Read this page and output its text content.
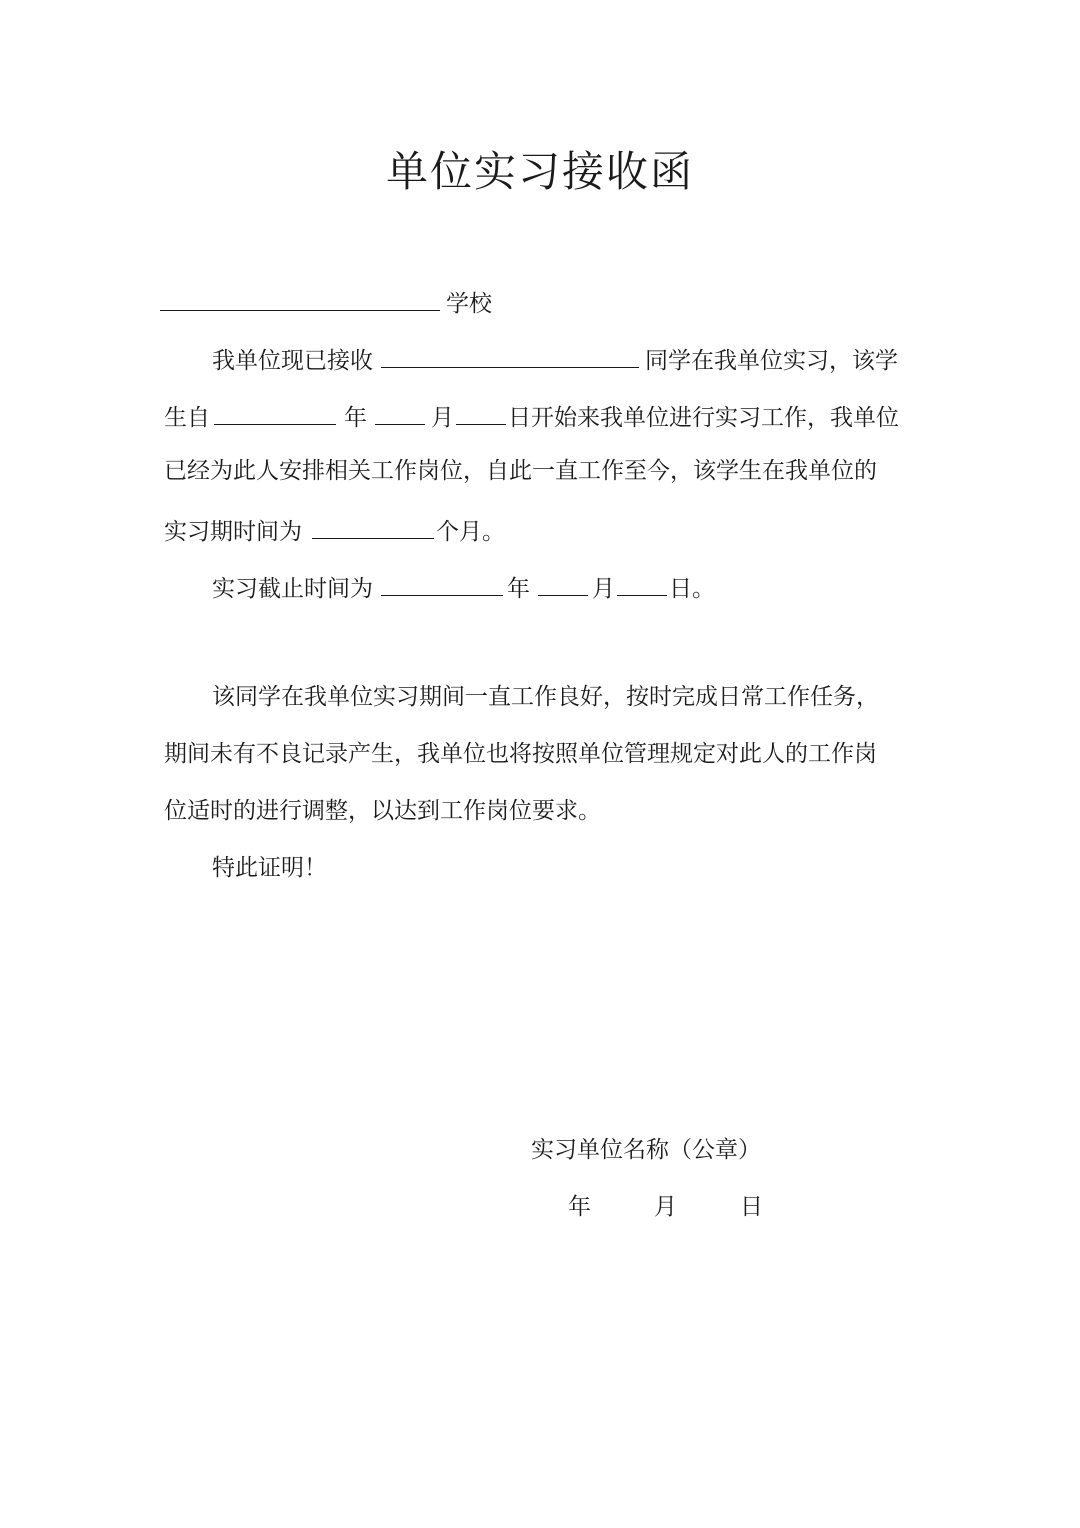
单位实习接收函
学校
我单位现已接收	同学在我单位实习，该学
生自	年	月 日开始来我单位进行实习工作，我单位
已经为此人安排相关工作岗位，自此一直工作至今，该学生在我单位的
实习期时间为	个月。
实习截止时间为	年	月 日。
该同学在我单位实习期间一直工作良好，按时完成日常工作任务，
期间未有不良记录产生，我单位也将按照单位管理规定对此人的工作岗
位适时的进行调整，以达到工作岗位要求。
特此证明！
实习单位名称（公章）
年	月	日
